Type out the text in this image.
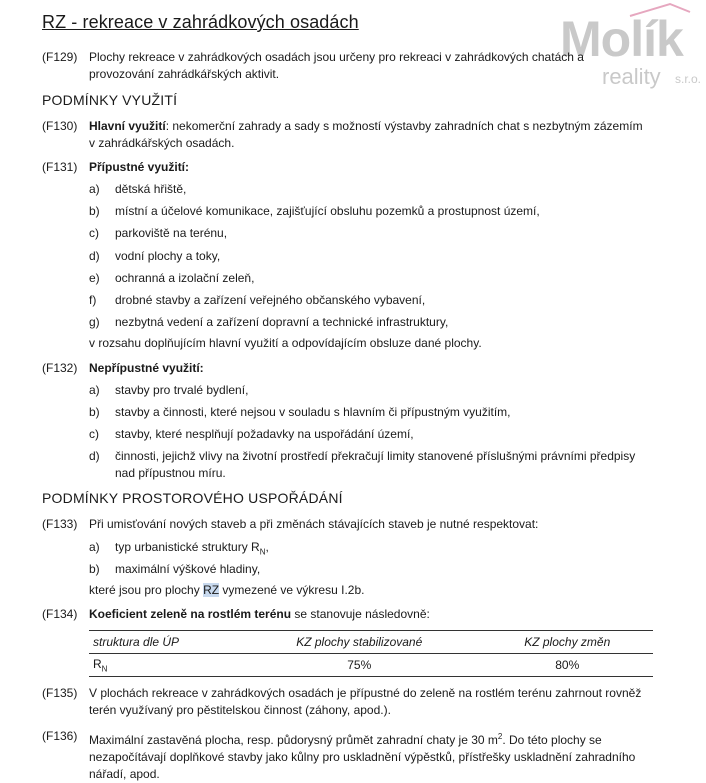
Molík
reality s.r.o.
RZ - rekreace v zahrádkových osadách
(F129) Plochy rekreace v zahrádkových osadách jsou určeny pro rekreaci v zahrádkových chatách a
provozování zahrádkářských aktivit.
PODMÍNKY VYUŽITÍ
(F130) Hlavní využití: nekomerční zahrady a sady s možností výstavby zahradních chat s nezbytným zázemím
v zahrádkářských osadách.
(F131) Přípustné využití:
a) dětská hřiště,
b) místní a účelové komunikace, zajišťující obsluhu pozemků a prostupnost území,
c) parkoviště na terénu,
d) vodní plochy a toky,
e) ochranná a izolační zeleň,
f) drobné stavby a zařízení veřejného občanského vybavení,
g) nezbytná vedení a zařízení dopravní a technické infrastruktury,
v rozsahu doplňujícím hlavní využití a odpovídajícím obsluze dané plochy.
(F132) Nepřípustné využití:
a) stavby pro trvalé bydlení,
b) stavby a činnosti, které nejsou v souladu s hlavním či přípustným využitím,
c) stavby, které nesplňují požadavky na uspořádání území,
d) činnosti, jejichž vlivy na životní prostředí překračují limity stanovené příslušnými právními předpisy
nad přípustnou míru.
PODMÍNKY PROSTOROVÉHO USPOŘÁDÁNÍ
(F133) Při umisťování nových staveb a při změnách stávajících staveb je nutné respektovat:
a) typ urbanistické struktury $R_N$,
b) maximální výškové hladiny,
které jsou pro plochy RZ vymezené ve výkresu I.2b.
(F134) Koeficient zeleně na rostlém terénu se stanovuje následovně:
struktura dle ÚP	KZ plochy stabilizované	KZ plochy změn
$R_N$	75%	80%
(F135) V plochách rekreace v zahrádkových osadách je přípustné do zeleně na rostlém terénu zahrnout rovněž
terén využívaný pro pěstitelskou činnost (záhony, apod.).
(F136) Maximální zastavěná plocha, resp. půdorysný průmět zahradní chaty je 30 $m^2$. Do této plochy se
nezapočítávají doplňkové stavby jako kůlny pro uskladnění výpěstků, přístřešky uskladnění zahradního
nářadí, apod.
